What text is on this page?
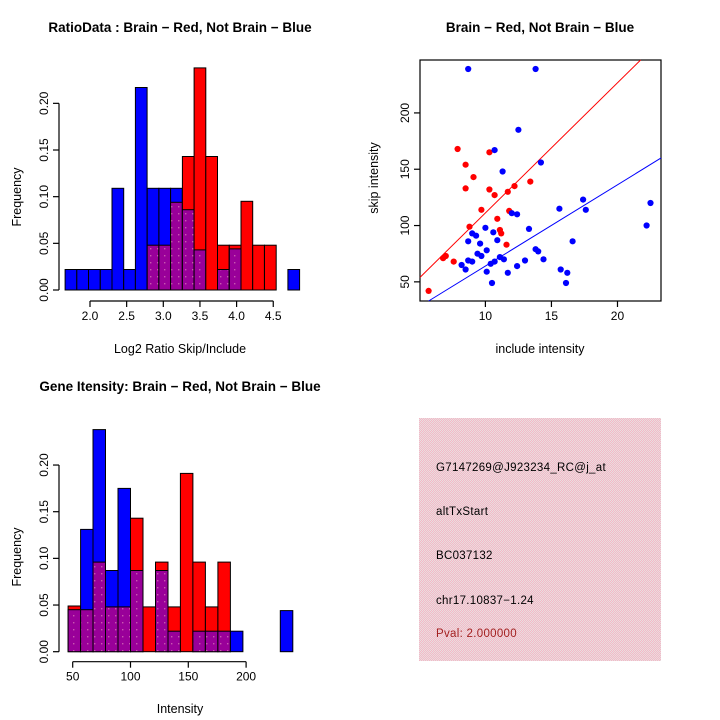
2.0 2.5 3.0 3.5 4.0 4.5
0.00
0.05
0.10
0.15
0.20
10	15	20
50
100
150
200
50	100	150	200
0.00
0.05
0.10
0.15
0.20
RatioData : Brain − Red, Not Brain − Blue	Brain − Red, Not Brain − Blue
Gene Itensity: Brain − Red, Not Brain − Blue
Log2 Ratio Skip/Include	include intensity
Intensity
Frequency	skip intensity
Frequency
G7147269@J923234_RC@j_at
altTxStart
BC037132
chr17.10837−1.24
Pval: 2.000000
